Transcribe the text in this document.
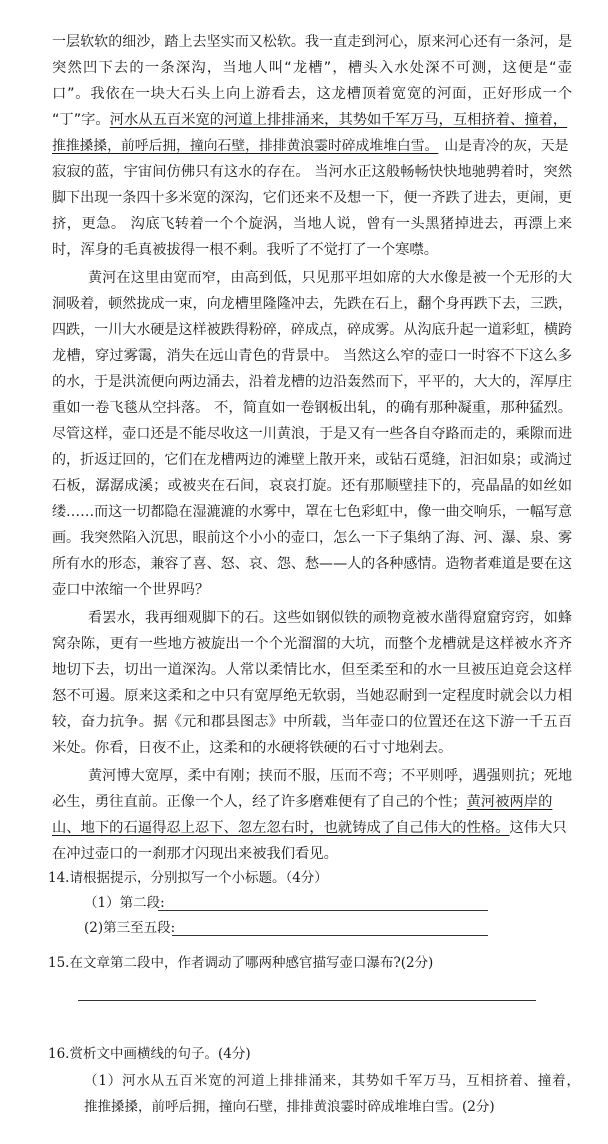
一层软软的细沙，踏上去坚实而又松软。我一直走到河心，原来河心还有一条河，是
突然凹下去的一条深沟，当地人叫“龙槽”，槽头入水处深不可测，这便是“壶
口”。我依在一块大石头上向上游看去，这龙槽顶着宽宽的河面，正好形成一个
“丁”字。河水从五百米宽的河道上排排涌来，其势如千军万马，互相挤着、撞着，
推推搡搡，前呼后拥，撞向石壁，排排黄浪霎时碎成堆堆白雪。 山是青冷的灰，天是
寂寂的蓝，宇宙间仿佛只有这水的存在。 当河水正这般畅畅快快地驰骋着时，突然
脚下出现一条四十多米宽的深沟，它们还来不及想一下，便一齐跌了进去，更闹，更
挤，更急。 沟底飞转着一个个旋涡，当地人说，曾有一头黑猪掉进去，再漂上来
时，浑身的毛真被拔得一根不剩。我听了不觉打了一个寒噤。
黄河在这里由宽而窄，由高到低，只见那平坦如席的大水像是被一个无形的大
洞吸着，顿然拢成一束，向龙槽里隆隆冲去，先跌在石上，翻个身再跌下去，三跌，
四跌，一川大水硬是这样被跌得粉碎，碎成点，碎成雾。从沟底升起一道彩虹，横跨
龙槽，穿过雾霭，消失在远山青色的背景中。 当然这么窄的壶口一时容不下这么多
的水，于是洪流便向两边涌去，沿着龙槽的边沿轰然而下，平平的，大大的，浑厚庄
重如一卷飞毯从空抖落。 不，简直如一卷钢板出轧，的确有那种凝重，那种猛烈。
尽管这样，壶口还是不能尽收这一川黄浪，于是又有一些各自夺路而走的，乘隙而进
的，折返迂回的，它们在龙槽两边的滩壁上散开来，或钻石觅缝，汩汩如泉；或淌过
石板，潺潺成溪；或被夹在石间，哀哀打旋。还有那顺壁挂下的，亮晶晶的如丝如
缕……而这一切都隐在湿漉漉的水雾中，罩在七色彩虹中，像一曲交响乐，一幅写意
画。我突然陷入沉思，眼前这个小小的壶口，怎么一下子集纳了海、河、瀑、泉、雾
所有水的形态，兼容了喜、怒、哀、怨、愁——人的各种感情。造物者难道是要在这
壶口中浓缩一个世界吗？
看罢水，我再细观脚下的石。这些如钢似铁的顽物竟被水凿得窟窟窍窍，如蜂
窝杂陈，更有一些地方被旋出一个个光溜溜的大坑，而整个龙槽就是这样被水齐齐
地切下去，切出一道深沟。人常以柔情比水，但至柔至和的水一旦被压迫竟会这样
怒不可遏。原来这柔和之中只有宽厚绝无软弱，当她忍耐到一定程度时就会以力相
较，奋力抗争。据《元和郡县图志》中所载，当年壶口的位置还在这下游一千五百
米处。你看，日夜不止，这柔和的水硬将铁硬的石寸寸地剁去。
黄河博大宽厚，柔中有刚；挟而不服，压而不弯；不平则呼，遇强则抗；死地
必生，勇往直前。正像一个人，经了许多磨难便有了自己的个性；黄河被两岸的
山、地下的石逼得忍上忍下、忽左忽右时，也就铸成了自己伟大的性格。这伟大只
在冲过壶口的一刹那才闪现出来被我们看见。
14.请根据提示，分别拟写一个小标题。（4分）
（1）第二段:
(2)第三至五段:
15.在文章第二段中，作者调动了哪两种感官描写壶口瀑布?(2分)
16.赏析文中画横线的句子。(4分)
（1）河水从五百米宽的河道上排排涌来，其势如千军万马，互相挤着、撞着，
推推搡搡，前呼后拥，撞向石壁，排排黄浪霎时碎成堆堆白雪。(2分)
